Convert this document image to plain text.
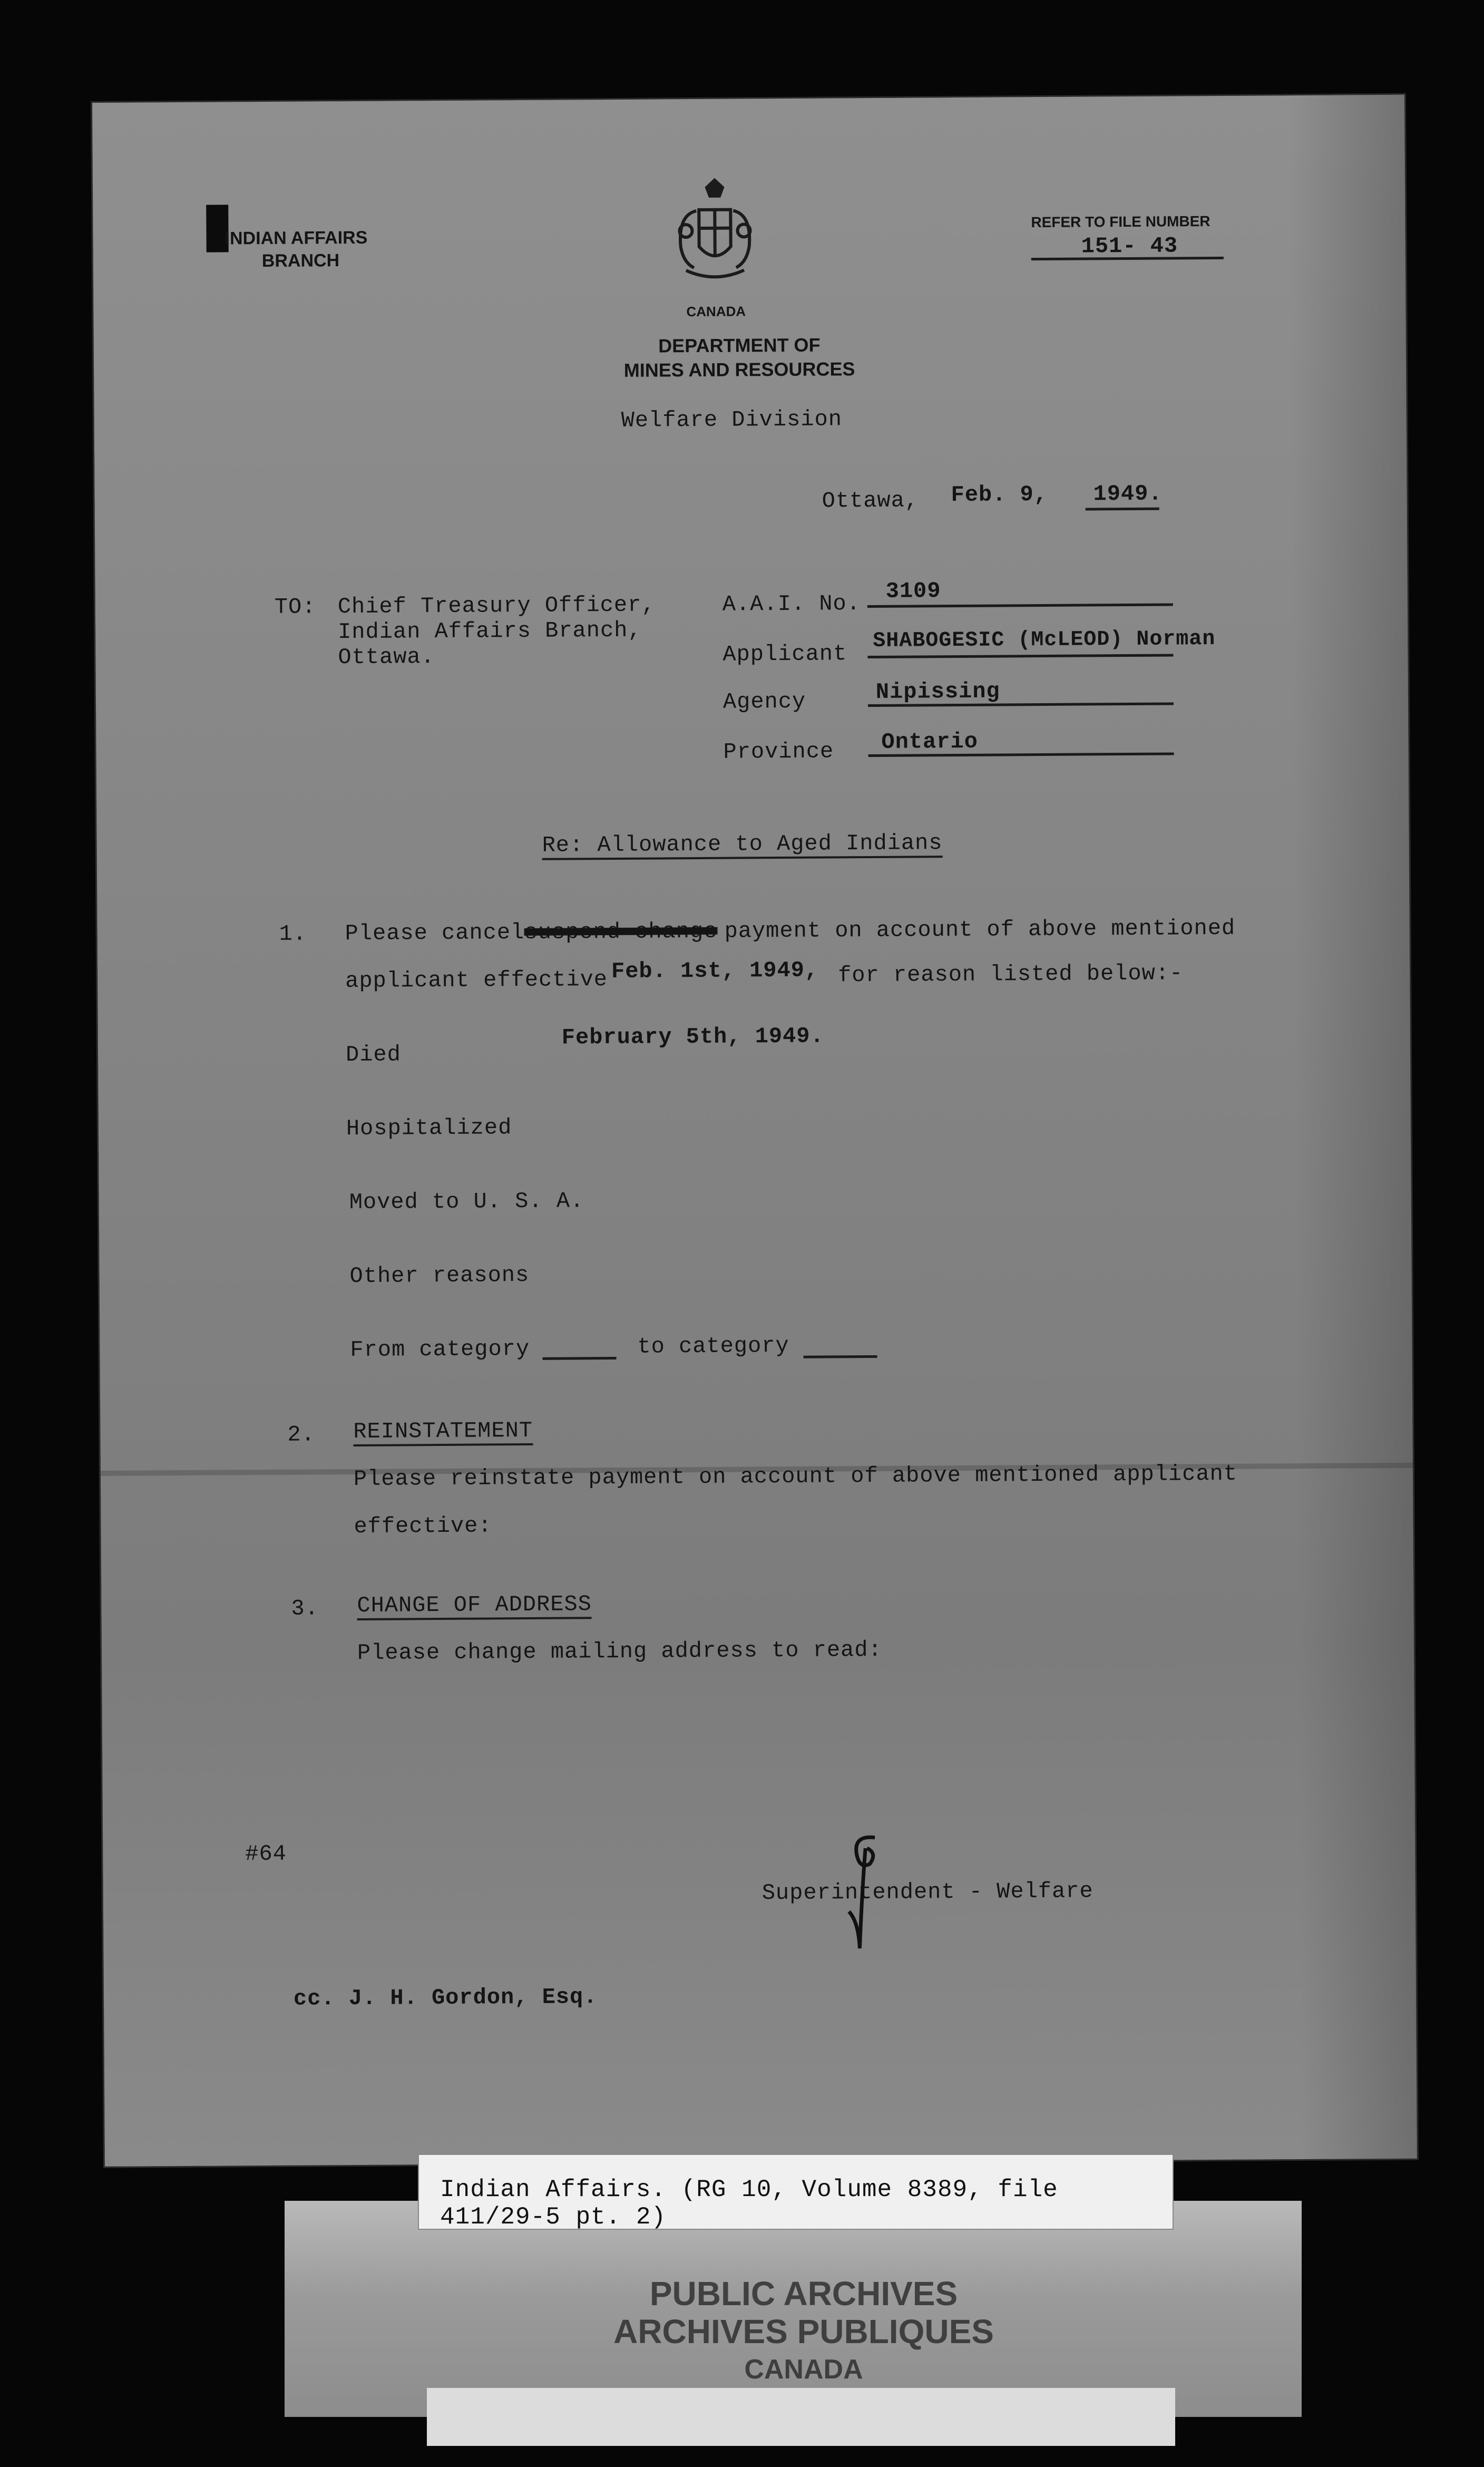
INDIAN AFFAIRS
BRANCH
CANADA
DEPARTMENT OF
MINES AND RESOURCES
Welfare Division
REFER TO FILE NUMBER
151- 43
Ottawa, Feb. 9, 1949.
TO: Chief Treasury Officer,
Indian Affairs Branch,
Ottawa.
A.A.I. No. 3109
Applicant
SHABOGESIC (McLEOD) Norman
Agency	Nipissing
Province Ontario
Re: Allowance to Aged Indians
1. Please cancel suspend change payment on account of above mentioned
applicant effective Feb. 1st, 1949, for reason listed below:-
Died
February 5th, 1949.
Hospitalized
Moved to U. S. A.
Other reasons
From category	to category
2. REINSTATEMENT
Please reinstate payment on account of above mentioned applicant
effective:
3. CHANGE OF ADDRESS
Please change mailing address to read:
#64
Superintendent - Welfare
cc. J. H. Gordon, Esq.
Indian Affairs. (RG 10, Volume 8389, file 411/29-5 pt. 2)
PUBLIC ARCHIVES
ARCHIVES PUBLIQUES
CANADA
